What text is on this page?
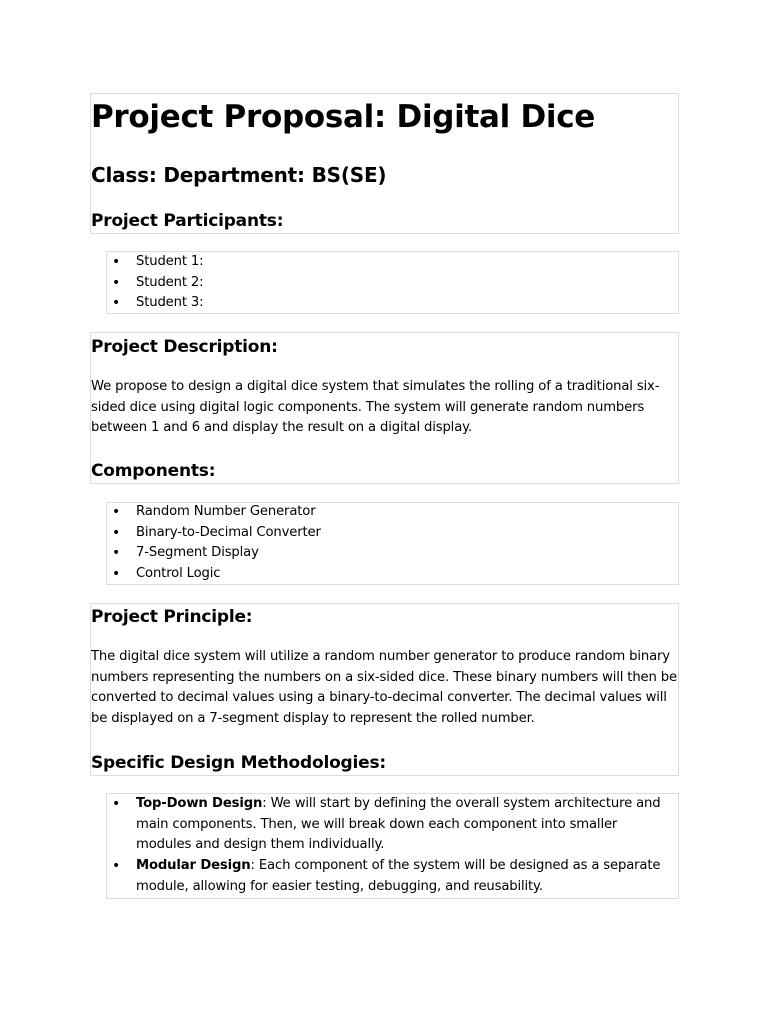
Project Proposal: Digital Dice
Class: Department: BS(SE)
Project Participants:
• Student 1:
• Student 2:
• Student 3:
Project Description:

We propose to design a digital dice system that simulates the rolling of a traditional six-sided dice using digital logic components. The system will generate random numbers between 1 and 6 and display the result on a digital display.

Components:
• Random Number Generator
• Binary-to-Decimal Converter
• 7-Segment Display
• Control Logic
Project Principle:

The digital dice system will utilize a random number generator to produce random binary numbers representing the numbers on a six-sided dice. These binary numbers will then be converted to decimal values using a binary-to-decimal converter. The decimal values will be displayed on a 7-segment display to represent the rolled number.

Specific Design Methodologies:
• Top-Down Design: We will start by defining the overall system architecture and main components. Then, we will break down each component into smaller modules and design them individually.
• Modular Design: Each component of the system will be designed as a separate module, allowing for easier testing, debugging, and reusability.
